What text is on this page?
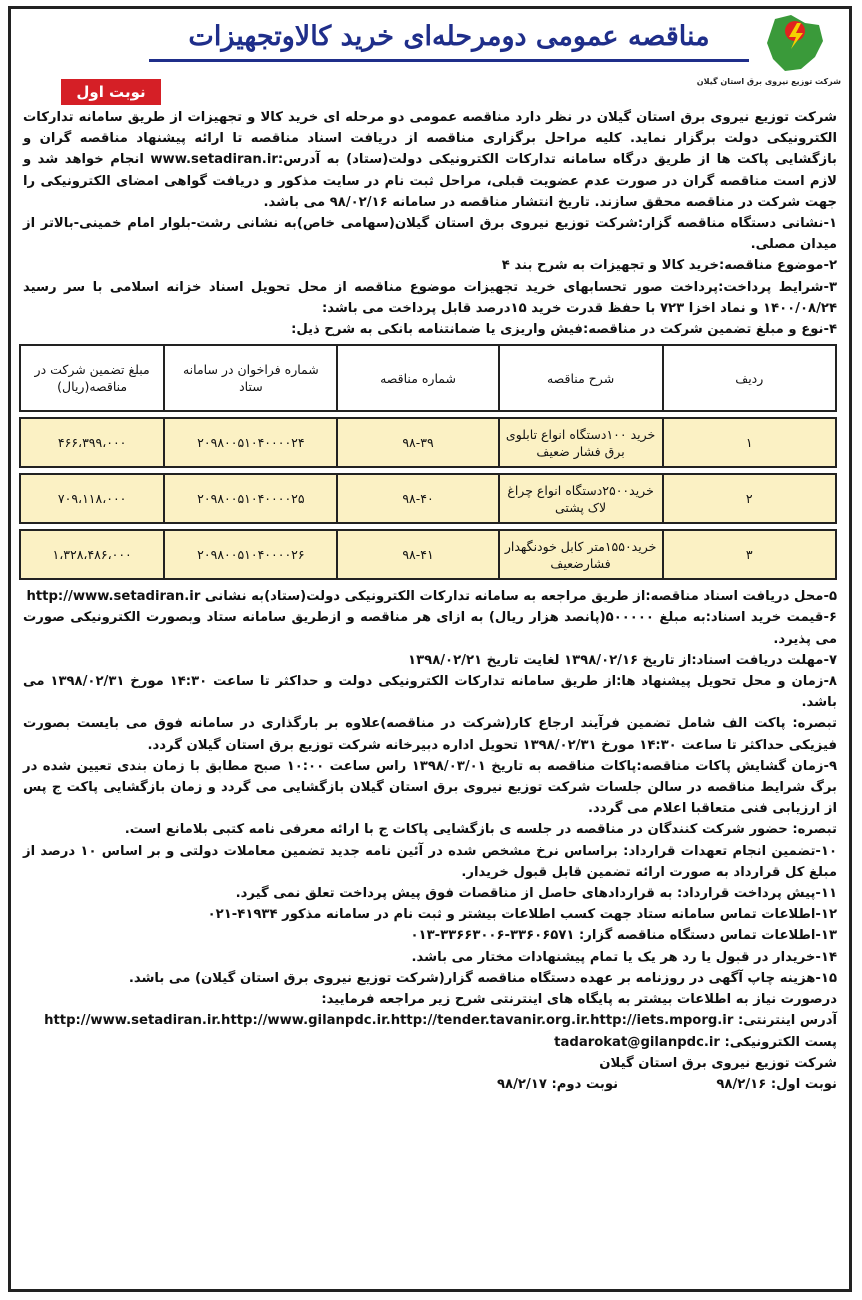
شرکت توزیع نیروی برق استان گیلان
مناقصه عمومی دومرحله‌ای خرید کالاوتجهیزات
نوبت اول

شرکت توزیع نیروی برق استان گیلان در نظر دارد مناقصه عمومی دو مرحله ای خرید کالا و تجهیزات از طریق سامانه تدارکات الکترونیکی دولت برگزار نماید. کلیه مراحل برگزاری مناقصه از دریافت اسناد مناقصه تا ارائه پیشنهاد مناقصه گران و بازگشایی پاکت ها از طریق درگاه سامانه تدارکات الکترونیکی دولت(ستاد) به آدرس:www.setadiran.ir انجام خواهد شد و لازم است مناقصه گران در صورت عدم عضویت قبلی، مراحل ثبت نام در سایت مذکور و دریافت گواهی امضای الکترونیکی را جهت شرکت در مناقصه محقق سازند. تاریخ انتشار مناقصه در سامانه ۹۸/۰۲/۱۶ می باشد.

۱-نشانی دستگاه مناقصه گزار:شرکت توزیع نیروی برق استان گیلان(سهامی خاص)به نشانی رشت-بلوار امام خمینی-بالاتر از میدان مصلی.

۲-موضوع مناقصه:خرید کالا و تجهیزات به شرح بند ۴

۳-شرایط پرداخت:پرداخت صور تحسابهای خرید تجهیزات موضوع مناقصه از محل تحویل اسناد خزانه اسلامی با سر رسید ۱۴۰۰/۰۸/۲۴ و نماد اخزا ۷۲۳ با حفظ قدرت خرید ۱۵درصد قابل پرداخت می باشد:

۴-نوع و مبلغ تضمین شرکت در مناقصه:فیش واریزی یا ضمانتنامه بانکی به شرح ذیل:

ردیف	شرح مناقصه	شماره مناقصه	شماره فراخوان در سامانه ستاد	مبلغ تضمین شرکت در مناقصه(ریال)

۱	خرید ۱۰۰دستگاه انواع تابلوی برق فشار ضعیف	۹۸-۳۹	۲۰۹۸۰۰۵۱۰۴۰۰۰۰۲۴	۴۶۶،۳۹۹،۰۰۰

۲	خرید۲۵۰۰دستگاه انواع چراغ لاک پشتی	۹۸-۴۰	۲۰۹۸۰۰۵۱۰۴۰۰۰۰۲۵	۷۰۹،۱۱۸،۰۰۰

۳	خرید۱۵۵۰متر کابل خودنگهدار فشارضعیف	۹۸-۴۱	۲۰۹۸۰۰۵۱۰۴۰۰۰۰۲۶	۱،۳۲۸،۴۸۶،۰۰۰

۵-محل دریافت اسناد مناقصه:از طریق مراجعه به سامانه تدارکات الکترونیکی دولت(ستاد)به نشانی http://www.setadiran.ir

۶-قیمت خرید اسناد:به مبلغ ۵۰۰۰۰۰(پانصد هزار ریال) به ازای هر مناقصه و ازطریق سامانه ستاد وبصورت الکترونیکی صورت می پذیرد.

۷-مهلت دریافت اسناد:از تاریخ ۱۳۹۸/۰۲/۱۶ لغایت تاریخ ۱۳۹۸/۰۲/۲۱

۸-زمان و محل تحویل پیشنهاد ها:از طریق سامانه تدارکات الکترونیکی دولت و حداکثر تا ساعت ۱۴:۳۰ مورخ ۱۳۹۸/۰۲/۳۱ می باشد.

تبصره: پاکت الف شامل تضمین فرآیند ارجاع کار(شرکت در مناقصه)علاوه بر بارگذاری در سامانه فوق می بایست بصورت فیزیکی حداکثر تا ساعت ۱۴:۳۰ مورخ ۱۳۹۸/۰۲/۳۱ تحویل اداره دبیرخانه شرکت توزیع برق استان گیلان گردد.

۹-زمان گشایش پاکات مناقصه:پاکات مناقصه به تاریخ ۱۳۹۸/۰۳/۰۱ راس ساعت ۱۰:۰۰ صبح مطابق با زمان بندی تعیین شده در برگ شرایط مناقصه در سالن جلسات شرکت توزیع نیروی برق استان گیلان بازگشایی می گردد و زمان بازگشایی پاکت ج پس از ارزیابی فنی متعاقبا اعلام می گردد.

تبصره: حضور شرکت کنندگان در مناقصه در جلسه ی بازگشایی پاکات ج با ارائه معرفی نامه کتبی بلامانع است.

۱۰-تضمین انجام تعهدات قرارداد: براساس نرخ مشخص شده در آئین نامه جدید تضمین معاملات دولتی و بر اساس ۱۰ درصد از مبلغ کل قرارداد به صورت ارائه تضمین قابل قبول خریدار.

۱۱-پیش پرداخت قرارداد: به قراردادهای حاصل از مناقصات فوق پیش پرداخت تعلق نمی گیرد.

۱۲-اطلاعات تماس سامانه ستاد جهت کسب اطلاعات بیشتر و ثبت نام در سامانه مذکور ۴۱۹۳۴-۰۲۱

۱۳-اطلاعات تماس دستگاه مناقصه گزار: ۳۳۶۰۶۵۷۱-۳۳۶۶۳۰۰۶-۰۱۳

۱۴-خریدار در قبول یا رد هر یک یا تمام پیشنهادات مختار می باشد.

۱۵-هزینه چاپ آگهی در روزنامه بر عهده دستگاه مناقصه گزار(شرکت توزیع نیروی برق استان گیلان) می باشد.

درصورت نیاز به اطلاعات بیشتر به پایگاه های اینترنتی شرح زیر مراجعه فرمایید:

آدرس اینترنتی: http://www.setadiran.ir.http://www.gilanpdc.ir.http://tender.tavanir.org.ir.http://iets.mporg.ir

پست الکترونیکی: tadarokat@gilanpdc.ir

شرکت توزیع نیروی برق استان گیلان
نوبت اول: ۹۸/۲/۱۶
نوبت دوم: ۹۸/۲/۱۷
